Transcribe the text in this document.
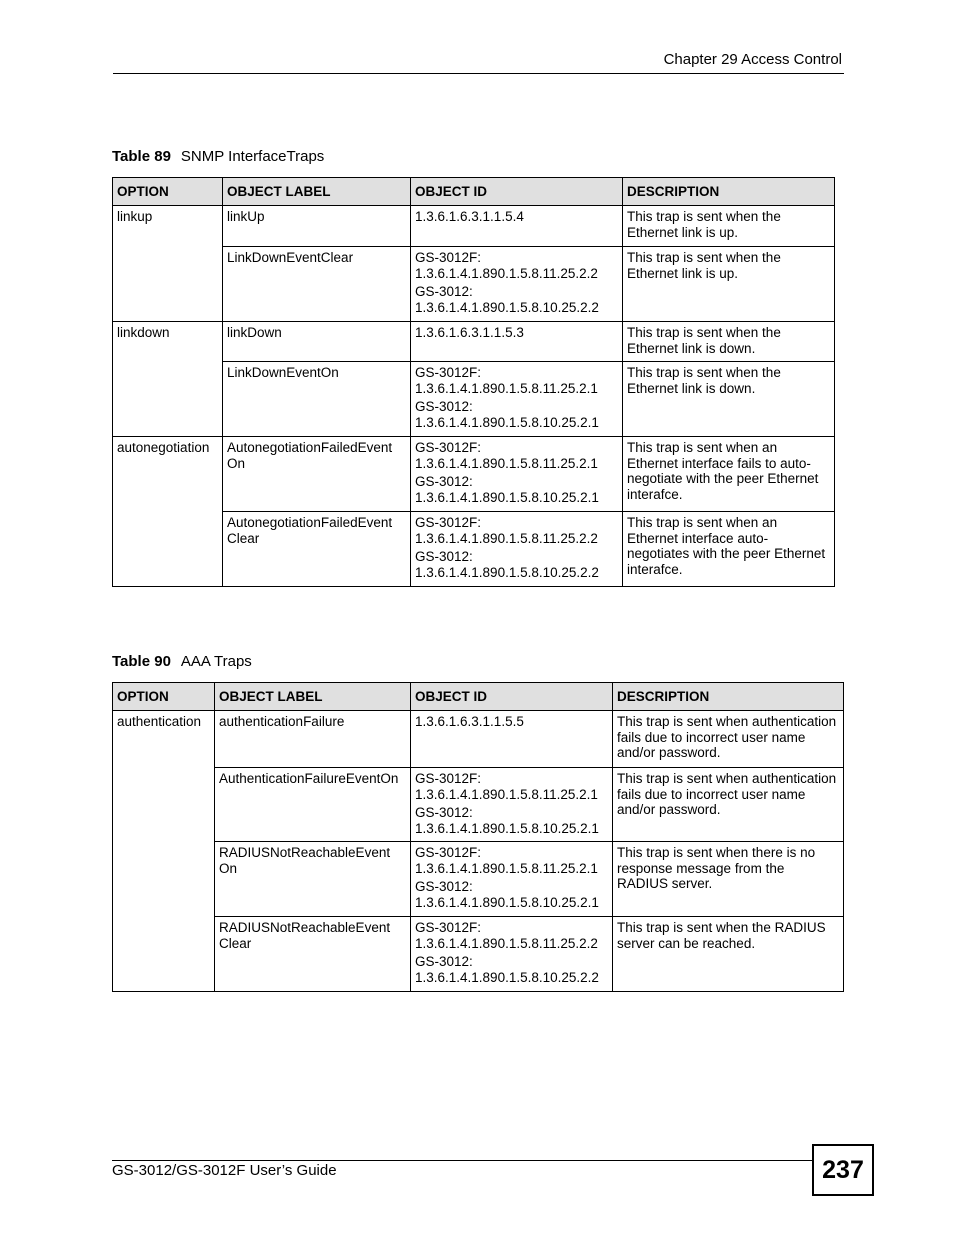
Chapter 29 Access Control
Table 89 SNMP InterfaceTraps
OPTION	OBJECT LABEL	OBJECT ID	DESCRIPTION
linkup	linkUp	1.3.6.1.6.3.1.1.5.4	This trap is sent when the Ethernet link is up.
	LinkDownEventClear	GS-3012F:
1.3.6.1.4.1.890.1.5.8.11.25.2.2
GS-3012:
1.3.6.1.4.1.890.1.5.8.10.25.2.2	This trap is sent when the Ethernet link is up.
linkdown	linkDown	1.3.6.1.6.3.1.1.5.3	This trap is sent when the Ethernet link is down.
	LinkDownEventOn	GS-3012F:
1.3.6.1.4.1.890.1.5.8.11.25.2.1
GS-3012:
1.3.6.1.4.1.890.1.5.8.10.25.2.1	This trap is sent when the Ethernet link is down.
autonegotiation	AutonegotiationFailedEvent On	GS-3012F:
1.3.6.1.4.1.890.1.5.8.11.25.2.1
GS-3012:
1.3.6.1.4.1.890.1.5.8.10.25.2.1	This trap is sent when an Ethernet interface fails to auto-negotiate with the peer Ethernet interafce.
	AutonegotiationFailedEvent Clear	GS-3012F:
1.3.6.1.4.1.890.1.5.8.11.25.2.2
GS-3012:
1.3.6.1.4.1.890.1.5.8.10.25.2.2	This trap is sent when an Ethernet interface auto-negotiates with the peer Ethernet interafce.
Table 90 AAA Traps
OPTION	OBJECT LABEL	OBJECT ID	DESCRIPTION
authentication	authenticationFailure	1.3.6.1.6.3.1.1.5.5	This trap is sent when authentication fails due to incorrect user name and/or password.
	AuthenticationFailureEventOn	GS-3012F:
1.3.6.1.4.1.890.1.5.8.11.25.2.1
GS-3012:
1.3.6.1.4.1.890.1.5.8.10.25.2.1	This trap is sent when authentication fails due to incorrect user name and/or password.
	RADIUSNotReachableEvent On	GS-3012F:
1.3.6.1.4.1.890.1.5.8.11.25.2.1
GS-3012:
1.3.6.1.4.1.890.1.5.8.10.25.2.1	This trap is sent when there is no response message from the RADIUS server.
	RADIUSNotReachableEvent Clear	GS-3012F:
1.3.6.1.4.1.890.1.5.8.11.25.2.2
GS-3012:
1.3.6.1.4.1.890.1.5.8.10.25.2.2	This trap is sent when the RADIUS server can be reached.
GS-3012/GS-3012F User’s Guide	237
